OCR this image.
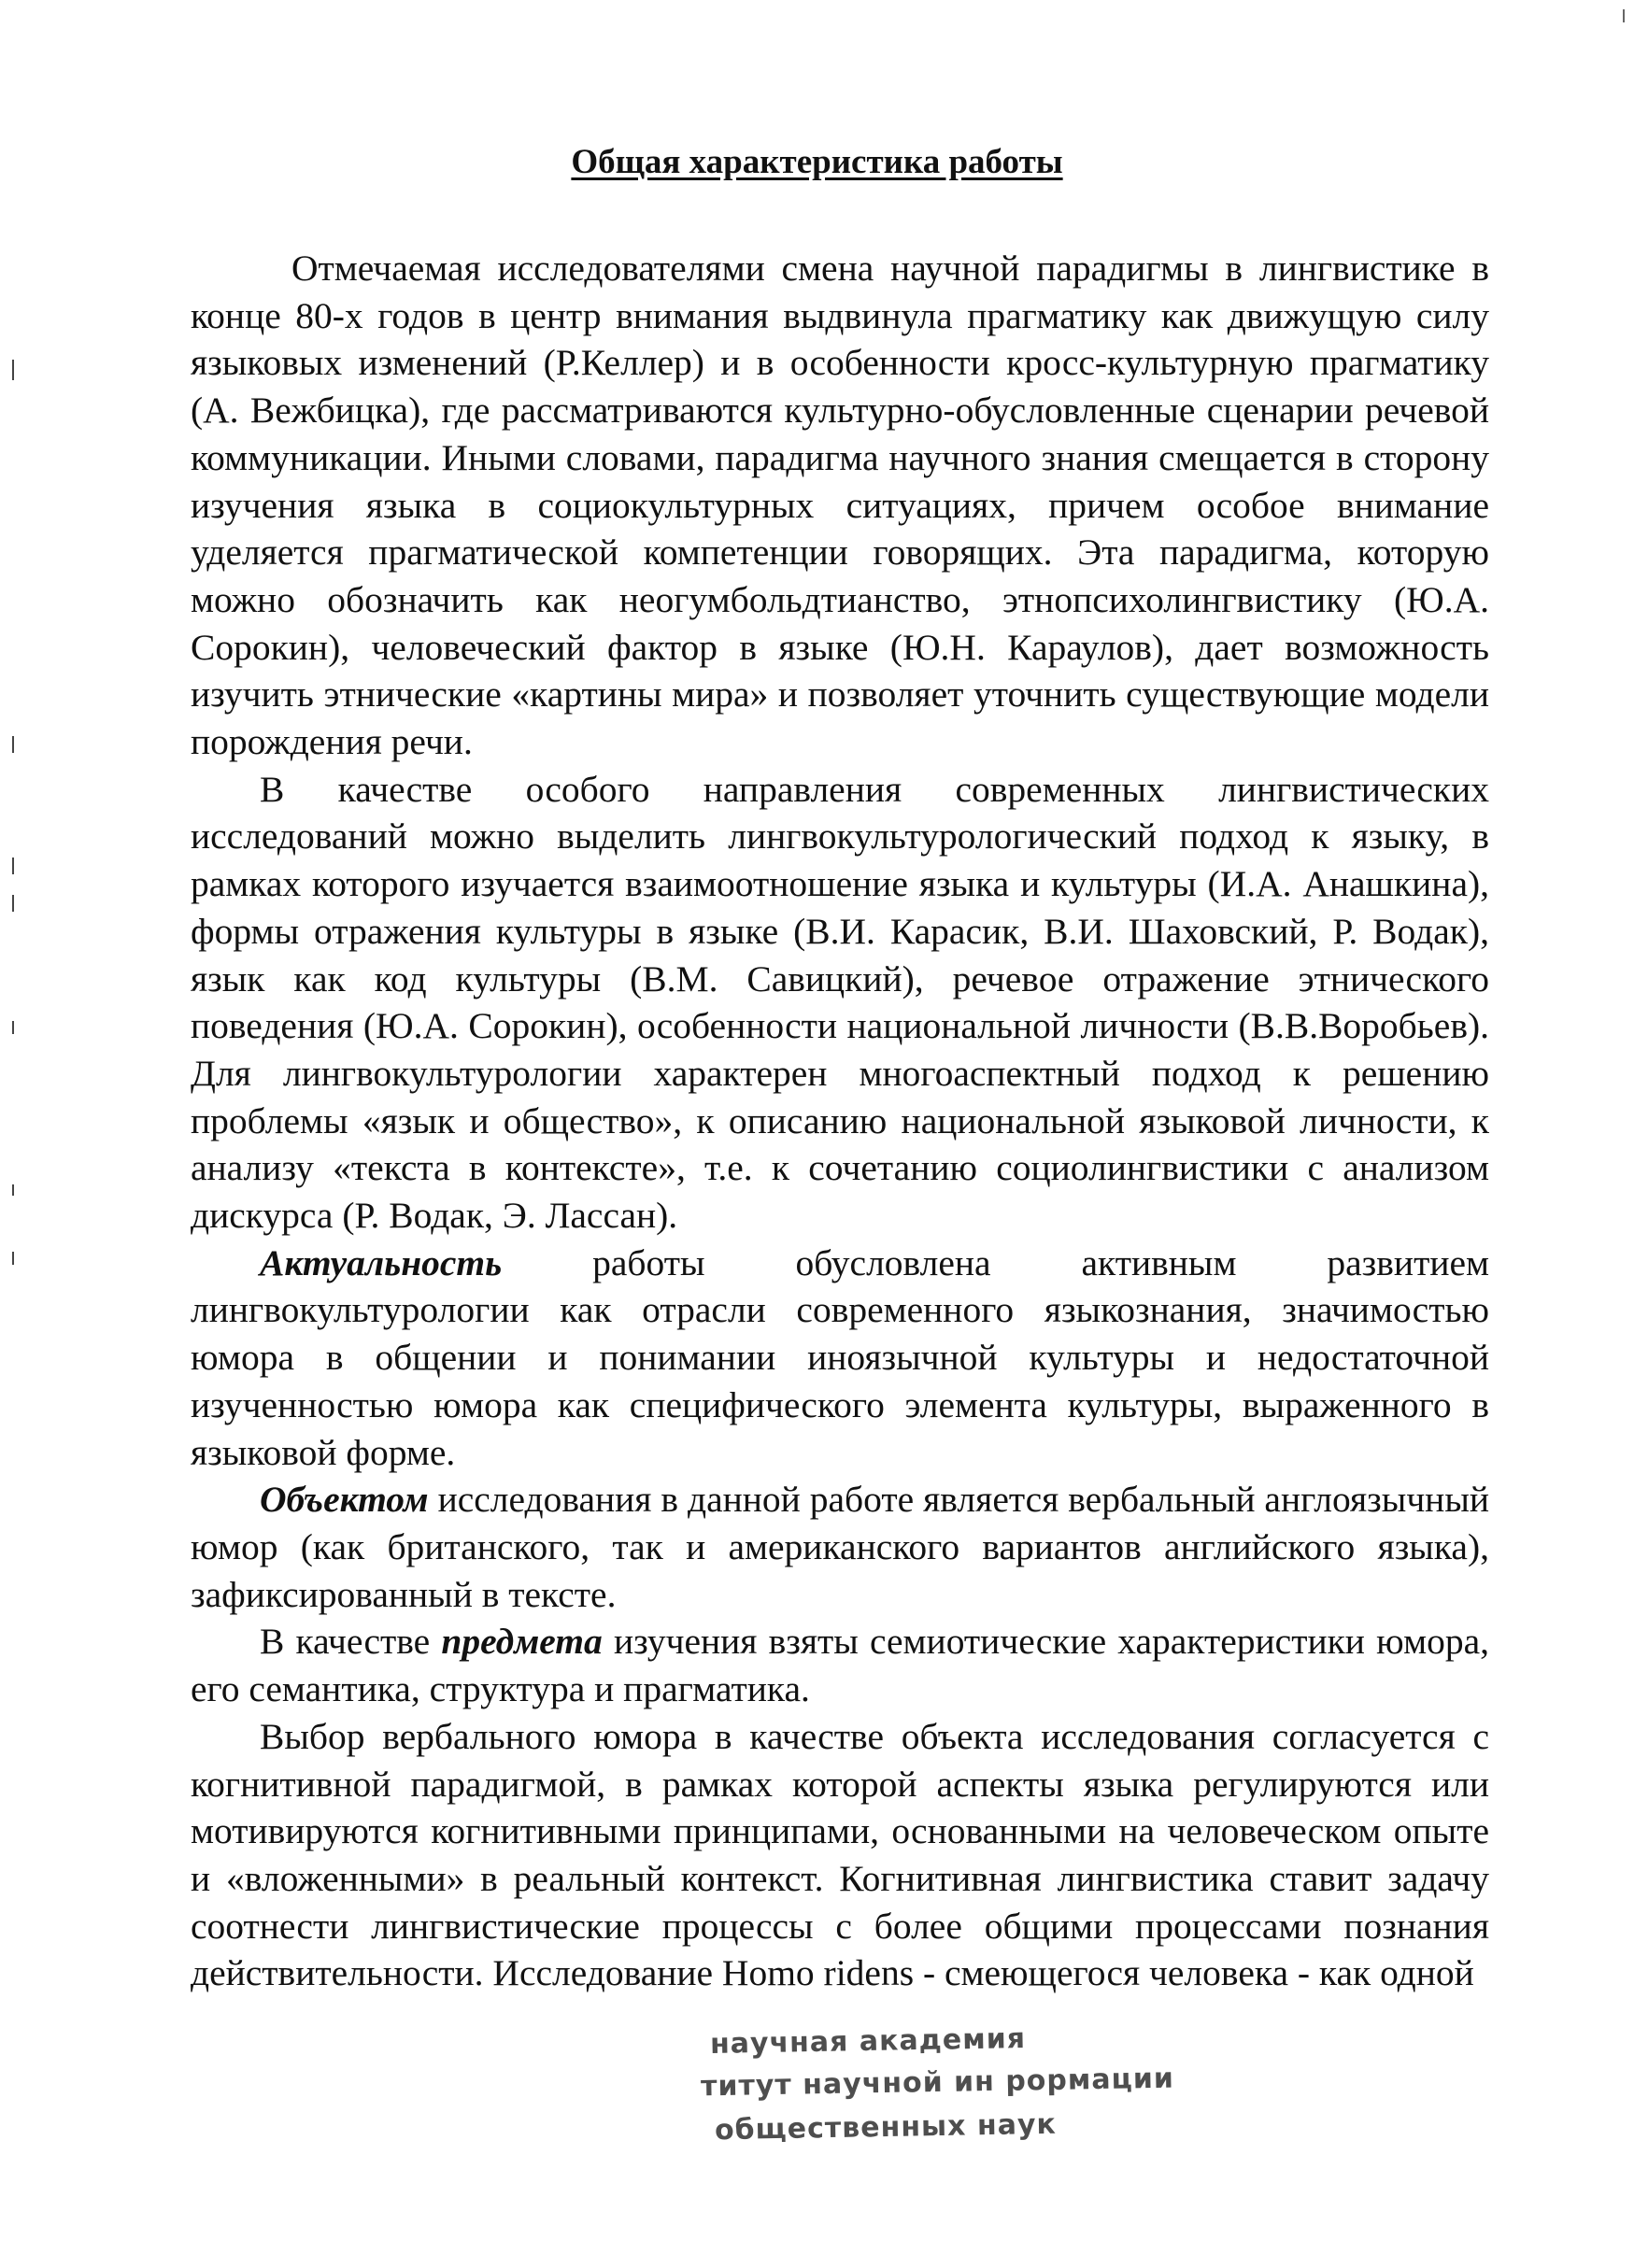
Общая характеристика работы

Отмечаемая исследователями смена научной парадигмы в лингвистике в конце 80-х годов в центр внимания выдвинула прагматику как движущую силу языковых изменений (Р.Келлер) и в особенности кросс-культурную прагматику (А. Вежбицка), где рассматриваются культурно-обусловленные сценарии речевой коммуникации. Иными словами, парадигма научного знания смещается в сторону изучения языка в социокультурных ситуациях, причем особое внимание уделяется прагматической компетенции говорящих. Эта парадигма, которую можно обозначить как неогумбольдтианство, этнопсихолингвистику (Ю.А. Сорокин), человеческий фактор в языке (Ю.Н. Караулов), дает возможность изучить этнические «картины мира» и позволяет уточнить существующие модели порождения речи.

В качестве особого направления современных лингвистических исследований можно выделить лингвокультурологический подход к языку, в рамках которого изучается взаимоотношение языка и культуры (И.А. Анашкина), формы отражения культуры в языке (В.И. Карасик, В.И. Шаховский, Р. Водак), язык как код культуры (В.М. Савицкий), речевое отражение этнического поведения (Ю.А. Сорокин), особенности национальной личности (В.В.Воробьев). Для лингвокультурологии характерен многоаспектный подход к решению проблемы «язык и общество», к описанию национальной языковой личности, к анализу «текста в контексте», т.е. к сочетанию социолингвистики с анализом дискурса (Р. Водак, Э. Лассан).

Актуальность работы обусловлена активным развитием лингвокультурологии как отрасли современного языкознания, значимостью юмора в общении и понимании иноязычной культуры и недостаточной изученностью юмора как специфического элемента культуры, выраженного в языковой форме.

Объектом исследования в данной работе является вербальный англоязычный юмор (как британского, так и американского вариантов английского языка), зафиксированный в тексте.

В качестве предмета изучения взяты семиотические характеристики юмора, его семантика, структура и прагматика.

Выбор вербального юмора в качестве объекта исследования согласуется с когнитивной парадигмой, в рамках которой аспекты языка регулируются или мотивируются когнитивными принципами, основанными на человеческом опыте и «вложенными» в реальный контекст. Когнитивная лингвистика ставит задачу соотнести лингвистические процессы с более общими процессами познания действительности. Исследование Homo ridens - смеющегося человека - как одной

научная академия
титут научной ин рормации
общественных наук
